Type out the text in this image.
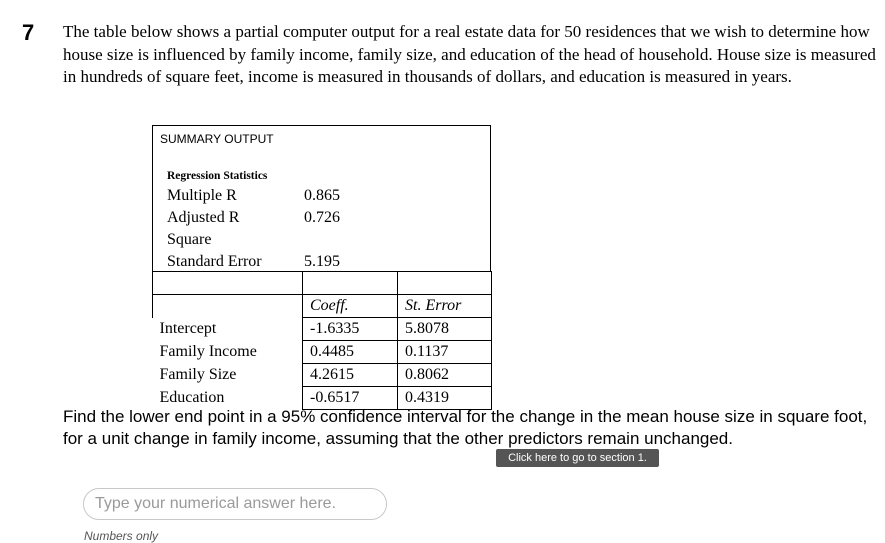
7 The table below shows a partial computer output for a real estate data for 50 residences that we wish to determine how house size is influenced by family income, family size, and education of the head of household. House size is measured in hundreds of square feet, income is measured in thousands of dollars, and education is measured in years.
SUMMARY OUTPUT
Regression Statistics
Multiple R	0.865
Adjusted R	0.726
Square
Standard Error	5.195

	Coeff.	St. Error
Intercept	-1.6335	5.8078
Family Income	0.4485	0.1137
Family Size	4.2615	0.8062
Education	-0.6517	0.4319
Find the lower end point in a 95% confidence interval for the change in the mean house size in square foot, for a unit change in family income, assuming that the other predictors remain unchanged.
Click here to go to section 1.
Type your numerical answer here.
Numbers only
